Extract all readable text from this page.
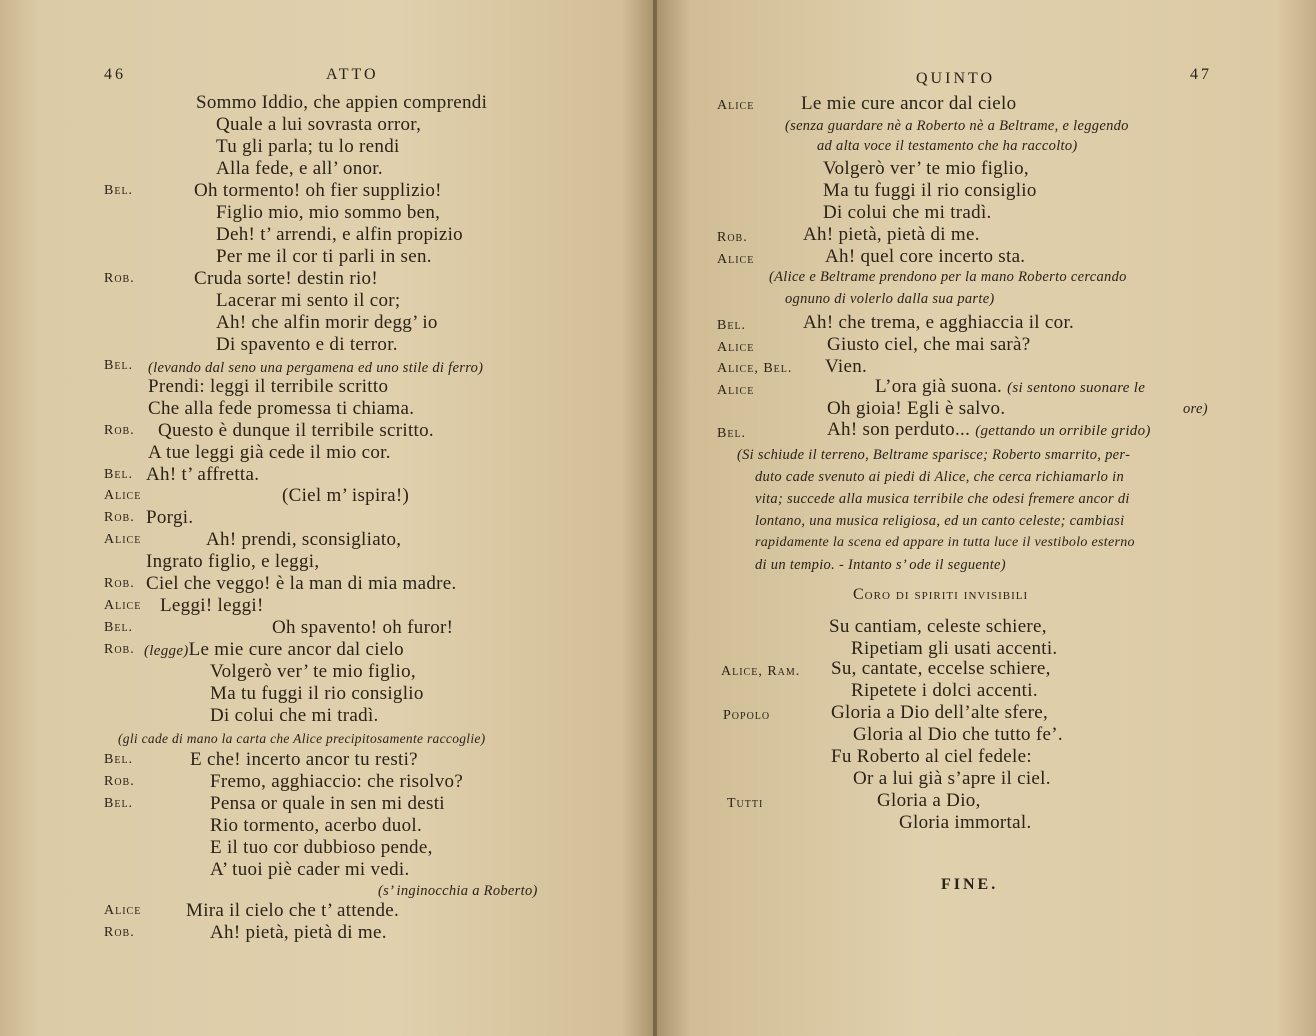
46	ATTO
Sommo Iddio, che appien comprendi
Quale a lui sovrasta orror,
Tu gli parla; tu lo rendi
Alla fede, e all’ onor.
Bel.	Oh tormento! oh fier supplizio!
Figlio mio, mio sommo ben,
Deh! t’ arrendi, e alfin propizio
Per me il cor ti parli in sen.
Rob.	Cruda sorte! destin rio!
Lacerar mi sento il cor;
Ah! che alfin morir degg’ io
Di spavento e di terror.
Bel. (levando dal seno una pergamena ed uno stile di ferro)
Prendi: leggi il terribile scritto
Che alla fede promessa ti chiama.
Rob. Questo è dunque il terribile scritto.
A tue leggi già cede il mio cor.
Bel. Ah! t’ affretta.
Alice	(Ciel m’ ispira!)
Rob. Porgi.
Alice	Ah! prendi, sconsigliato,
Ingrato figlio, e leggi,
Rob. Ciel che veggo! è la man di mia madre.
Alice Leggi! leggi!
Bel.	Oh spavento! oh furor!
Rob. (legge)Le mie cure ancor dal cielo
Volgerò ver’ te mio figlio,
Ma tu fuggi il rio consiglio
Di colui che mi tradì.
(gli cade di mano la carta che Alice precipitosamente raccoglie)
Bel.	E che! incerto ancor tu resti?
Rob.	Fremo, agghiaccio: che risolvo?
Bel.	Pensa or quale in sen mi desti
Rio tormento, acerbo duol.
E il tuo cor dubbioso pende,
A’ tuoi piè cader mi vedi.
(s’ inginocchia a Roberto)
Alice Mira il cielo che t’ attende.
Rob.	Ah! pietà, pietà di me.
QUINTO	47
Alice Le mie cure ancor dal cielo
(senza guardare nè a Roberto nè a Beltrame, e leggendo
ad alta voce il testamento che ha raccolto)
Volgerò ver’ te mio figlio,
Ma tu fuggi il rio consiglio
Di colui che mi tradì.
Rob.	Ah! pietà, pietà di me.
Alice	Ah! quel core incerto sta.
(Alice e Beltrame prendono per la mano Roberto cercando
ognuno di volerlo dalla sua parte)
Bel.	Ah! che trema, e agghiaccia il cor.
Alice	Giusto ciel, che mai sarà?
Alice, Bel. Vien.
Alice	L’ora già suona. (si sentono suonare le
Oh gioia! Egli è salvo.	ore)
Bel.	Ah! son perduto... (gettando un orribile grido)
(Si schiude il terreno, Beltrame sparisce; Roberto smarrito, per-
duto cade svenuto ai piedi di Alice, che cerca richiamarlo in
vita; succede alla musica terribile che odesi fremere ancor di
lontano, una musica religiosa, ed un canto celeste; cambiasi
rapidamente la scena ed appare in tutta luce il vestibolo esterno
di un tempio. - Intanto s’ ode il seguente)
Coro di spiriti invisibili
Su cantiam, celeste schiere,
Ripetiam gli usati accenti.
Alice, Ram. Su, cantate, eccelse schiere,
Ripetete i dolci accenti.
Popolo	Gloria a Dio dell’alte sfere,
Gloria al Dio che tutto fe’.
Fu Roberto al ciel fedele:
Or a lui già s’apre il ciel.
Tutti	Gloria a Dio,
Gloria immortal.
FINE.
